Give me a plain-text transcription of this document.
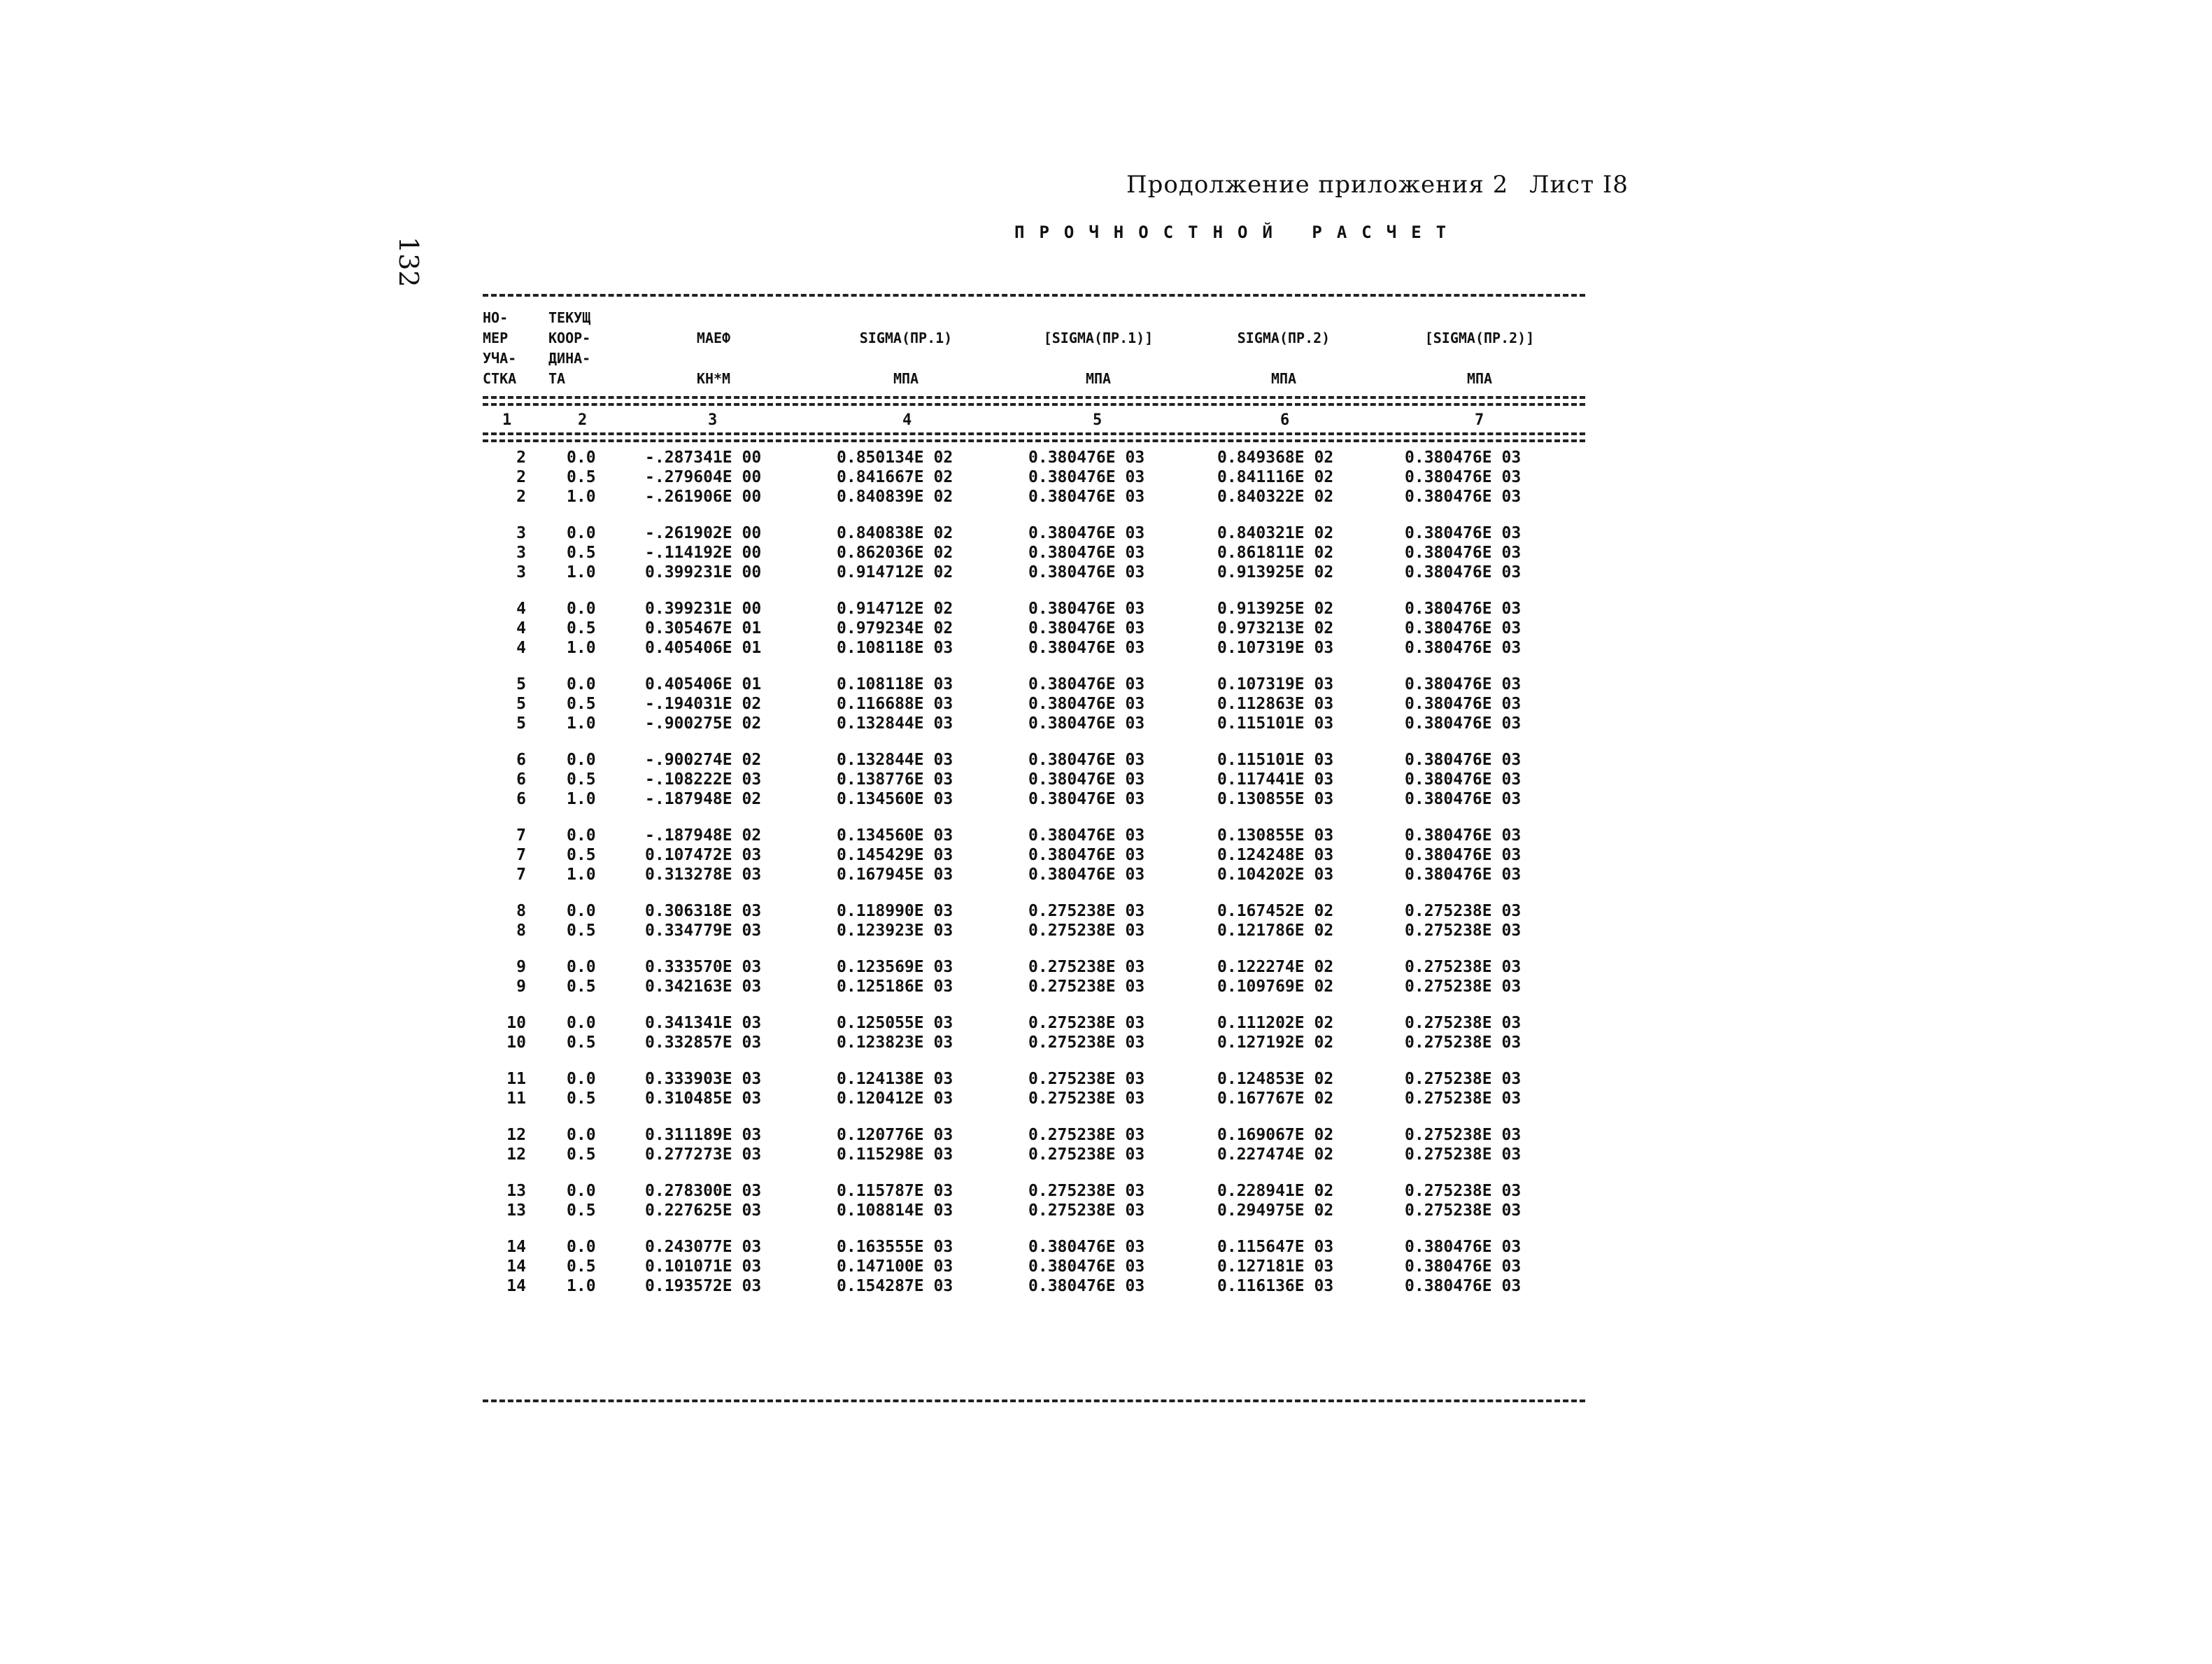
132
Продолжение приложения 2 Лист I8
ПРОЧНОСТНОЙ РАСЧЕТ
НО-
МЕР
УЧА-
СТКА
ТЕКУЩ
КООР-
ДИНА-
ТА
МАЕФ
КН*М
SIGMA(ПР.1)
МПА
[SIGMA(ПР.1)]
МПА
SIGMA(ПР.2)
МПА
[SIGMA(ПР.2)]
МПА
1	2	3	4	5	6	7
2	0.0	-.287341E 00	0.850134E 02	0.380476E 03	0.849368E 02	0.380476E 03
2	0.5	-.279604E 00	0.841667E 02	0.380476E 03	0.841116E 02	0.380476E 03
2	1.0	-.261906E 00	0.840839E 02	0.380476E 03	0.840322E 02	0.380476E 03
3	0.0	-.261902E 00	0.840838E 02	0.380476E 03	0.840321E 02	0.380476E 03
3	0.5	-.114192E 00	0.862036E 02	0.380476E 03	0.861811E 02	0.380476E 03
3	1.0	0.399231E 00	0.914712E 02	0.380476E 03	0.913925E 02	0.380476E 03
4	0.0	0.399231E 00	0.914712E 02	0.380476E 03	0.913925E 02	0.380476E 03
4	0.5	0.305467E 01	0.979234E 02	0.380476E 03	0.973213E 02	0.380476E 03
4	1.0	0.405406E 01	0.108118E 03	0.380476E 03	0.107319E 03	0.380476E 03
5	0.0	0.405406E 01	0.108118E 03	0.380476E 03	0.107319E 03	0.380476E 03
5	0.5	-.194031E 02	0.116688E 03	0.380476E 03	0.112863E 03	0.380476E 03
5	1.0	-.900275E 02	0.132844E 03	0.380476E 03	0.115101E 03	0.380476E 03
6	0.0	-.900274E 02	0.132844E 03	0.380476E 03	0.115101E 03	0.380476E 03
6	0.5	-.108222E 03	0.138776E 03	0.380476E 03	0.117441E 03	0.380476E 03
6	1.0	-.187948E 02	0.134560E 03	0.380476E 03	0.130855E 03	0.380476E 03
7	0.0	-.187948E 02	0.134560E 03	0.380476E 03	0.130855E 03	0.380476E 03
7	0.5	0.107472E 03	0.145429E 03	0.380476E 03	0.124248E 03	0.380476E 03
7	1.0	0.313278E 03	0.167945E 03	0.380476E 03	0.104202E 03	0.380476E 03
8	0.0	0.306318E 03	0.118990E 03	0.275238E 03	0.167452E 02	0.275238E 03
8	0.5	0.334779E 03	0.123923E 03	0.275238E 03	0.121786E 02	0.275238E 03
9	0.0	0.333570E 03	0.123569E 03	0.275238E 03	0.122274E 02	0.275238E 03
9	0.5	0.342163E 03	0.125186E 03	0.275238E 03	0.109769E 02	0.275238E 03
10	0.0	0.341341E 03	0.125055E 03	0.275238E 03	0.111202E 02	0.275238E 03
10	0.5	0.332857E 03	0.123823E 03	0.275238E 03	0.127192E 02	0.275238E 03
11	0.0	0.333903E 03	0.124138E 03	0.275238E 03	0.124853E 02	0.275238E 03
11	0.5	0.310485E 03	0.120412E 03	0.275238E 03	0.167767E 02	0.275238E 03
12	0.0	0.311189E 03	0.120776E 03	0.275238E 03	0.169067E 02	0.275238E 03
12	0.5	0.277273E 03	0.115298E 03	0.275238E 03	0.227474E 02	0.275238E 03
13	0.0	0.278300E 03	0.115787E 03	0.275238E 03	0.228941E 02	0.275238E 03
13	0.5	0.227625E 03	0.108814E 03	0.275238E 03	0.294975E 02	0.275238E 03
14	0.0	0.243077E 03	0.163555E 03	0.380476E 03	0.115647E 03	0.380476E 03
14	0.5	0.101071E 03	0.147100E 03	0.380476E 03	0.127181E 03	0.380476E 03
14	1.0	0.193572E 03	0.154287E 03	0.380476E 03	0.116136E 03	0.380476E 03
